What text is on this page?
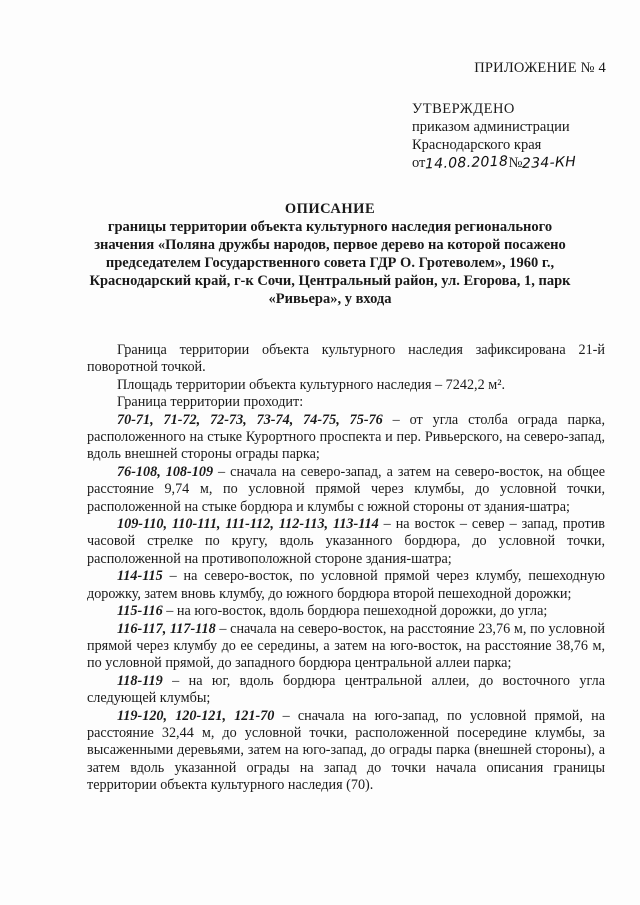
ПРИЛОЖЕНИЕ № 4
УТВЕРЖДЕНО
приказом администрации
Краснодарского края
от14.08.2018№234-КН
ОПИСАНИЕ
границы территории объекта культурного наследия регионального значения «Поляна дружбы народов, первое дерево на которой посажено председателем Государственного совета ГДР О. Гротеволем», 1960 г., Краснодарский край, г-к Сочи, Центральный район, ул. Егорова, 1, парк «Ривьера», у входа

Граница территории объекта культурного наследия зафиксирована 21-й поворотной точкой.

Площадь территории объекта культурного наследия – 7242,2 м².

Граница территории проходит:

70-71, 71-72, 72-73, 73-74, 74-75, 75-76 – от угла столба ограда парка, расположенного на стыке Курортного проспекта и пер. Ривьерского, на северо-запад, вдоль внешней стороны ограды парка;

76-108, 108-109 – сначала на северо-запад, а затем на северо-восток, на общее расстояние 9,74 м, по условной прямой через клумбы, до условной точки, расположенной на стыке бордюра и клумбы с южной стороны от здания-шатра;

109-110, 110-111, 111-112, 112-113, 113-114 – на восток – север – запад, против часовой стрелке по кругу, вдоль указанного бордюра, до условной точки, расположенной на противоположной стороне здания-шатра;

114-115 – на северо-восток, по условной прямой через клумбу, пешеходную дорожку, затем вновь клумбу, до южного бордюра второй пешеходной дорожки;

115-116 – на юго-восток, вдоль бордюра пешеходной дорожки, до угла;

116-117, 117-118 – сначала на северо-восток, на расстояние 23,76 м, по условной прямой через клумбу до ее середины, а затем на юго-восток, на расстояние 38,76 м, по условной прямой, до западного бордюра центральной аллеи парка;

118-119 – на юг, вдоль бордюра центральной аллеи, до восточного угла следующей клумбы;

119-120, 120-121, 121-70 – сначала на юго-запад, по условной прямой, на расстояние 32,44 м, до условной точки, расположенной посередине клумбы, за высаженными деревьями, затем на юго-запад, до ограды парка (внешней стороны), а затем вдоль указанной ограды на запад до точки начала описания границы территории объекта культурного наследия (70).
